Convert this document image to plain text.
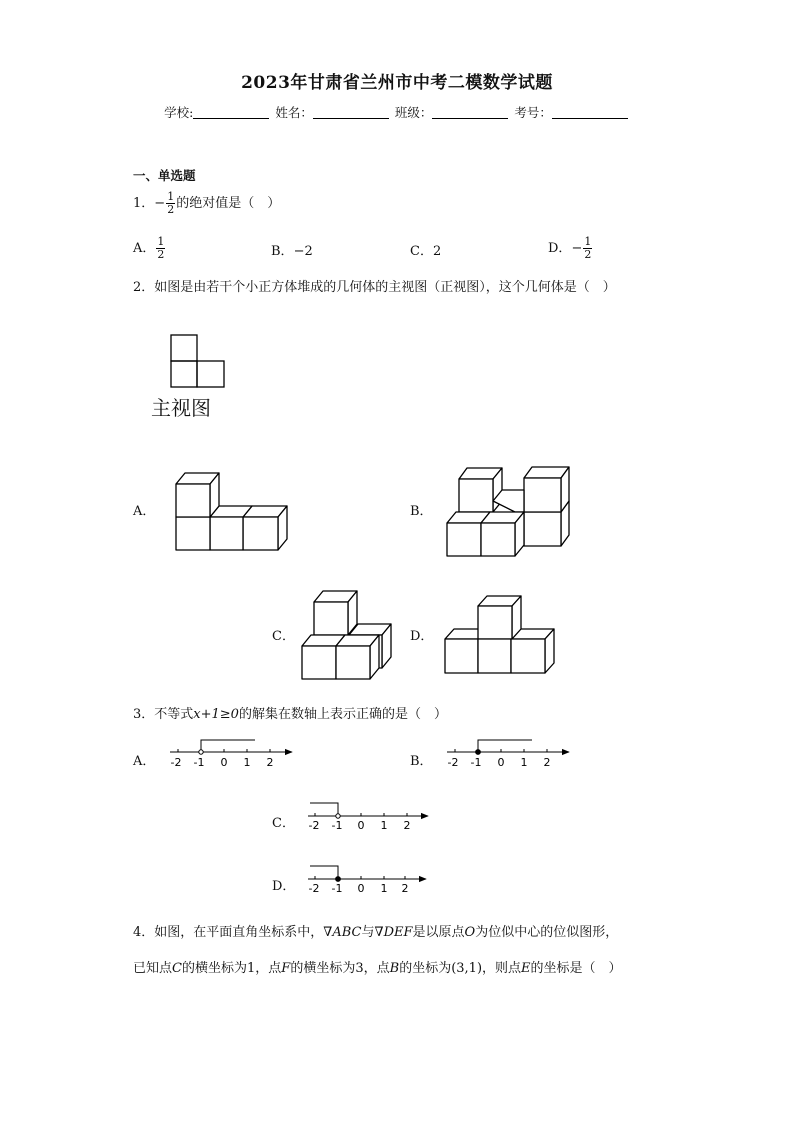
2023年甘肃省兰州市中考二模数学试题
学校:	姓名：	班级：	考号：
一、单选题
1．− $\frac{1}{2}$ 的绝对值是（　）
A． $\frac{1}{2}$	B．−2	C．2	D．− $\frac{1}{2}$
2．如图是由若干个小正方体堆成的几何体的主视图（正视图），这个几何体是（　）
主视图
A．	B．
C．	D．
3．不等式x+1≥0的解集在数轴上表示正确的是（　）
A．	B．
C．
D．
-2 -1 0 1 2	-2 -1 0 1 2
-2 -1 0 1 2
-2 -1 0 1 2
4．如图，在平面直角坐标系中，∇ABC与∇DEF是以原点O为位似中心的位似图形，
已知点C的横坐标为1，点F的横坐标为3，点B的坐标为(3,1)，则点E的坐标是（　）
